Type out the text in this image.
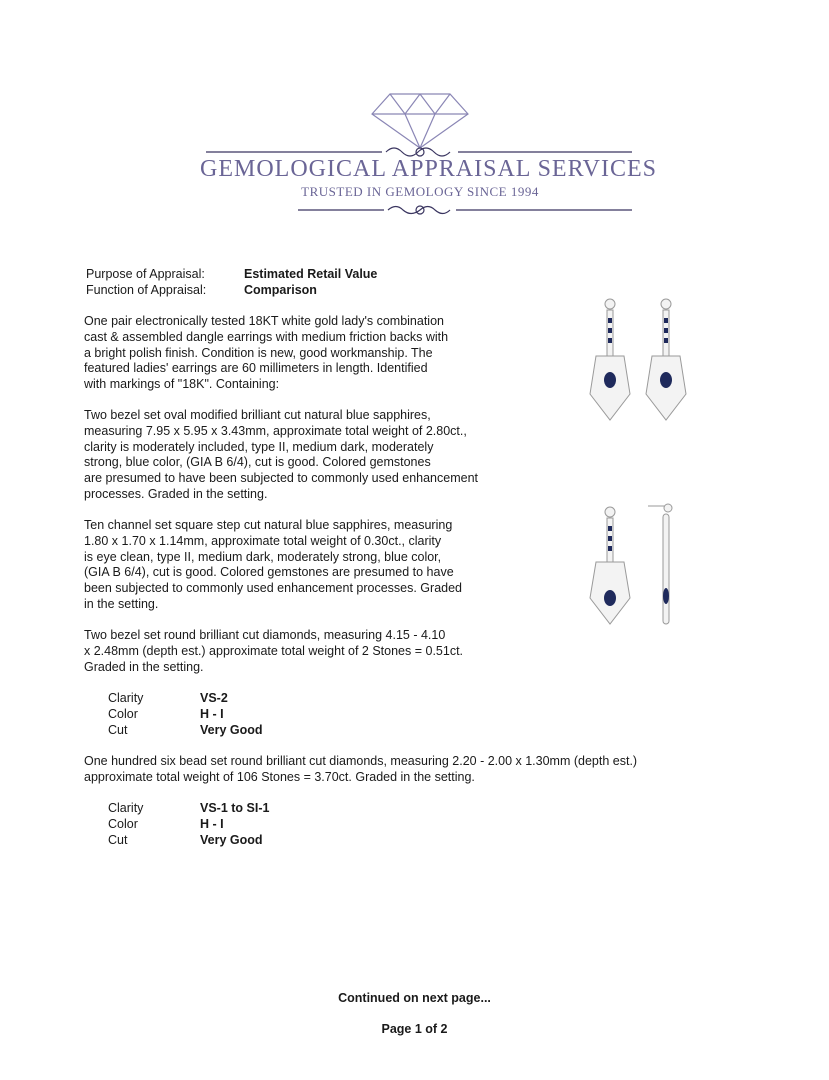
GEMOLOGICAL APPRAISAL SERVICES
TRUSTED IN GEMOLOGY SINCE 1994
Purpose of Appraisal:	Estimated Retail Value
Function of Appraisal:	Comparison
One pair electronically tested 18KT white gold lady's combination
cast & assembled dangle earrings with medium friction backs with
a bright polish finish. Condition is new, good workmanship. The
featured ladies' earrings are 60 millimeters in length. Identified
with markings of "18K". Containing:
Two bezel set oval modified brilliant cut natural blue sapphires,
measuring 7.95 x 5.95 x 3.43mm, approximate total weight of 2.80ct.,
clarity is moderately included, type II, medium dark, moderately
strong, blue color, (GIA B 6/4), cut is good. Colored gemstones
are presumed to have been subjected to commonly used enhancement
processes. Graded in the setting.
Ten channel set square step cut natural blue sapphires, measuring
1.80 x 1.70 x 1.14mm, approximate total weight of 0.30ct., clarity
is eye clean, type II, medium dark, moderately strong, blue color,
(GIA B 6/4), cut is good. Colored gemstones are presumed to have
been subjected to commonly used enhancement processes. Graded
in the setting.
Two bezel set round brilliant cut diamonds, measuring 4.15 - 4.10
x 2.48mm (depth est.) approximate total weight of 2 Stones = 0.51ct.
Graded in the setting.
Clarity	VS-2
Color	H - I
Cut	Very Good
One hundred six bead set round brilliant cut diamonds, measuring 2.20 - 2.00 x 1.30mm (depth est.)
approximate total weight of 106 Stones = 3.70ct. Graded in the setting.
Clarity	VS-1 to SI-1
Color	H - I
Cut	Very Good
Continued on next page...
Page 1 of 2
